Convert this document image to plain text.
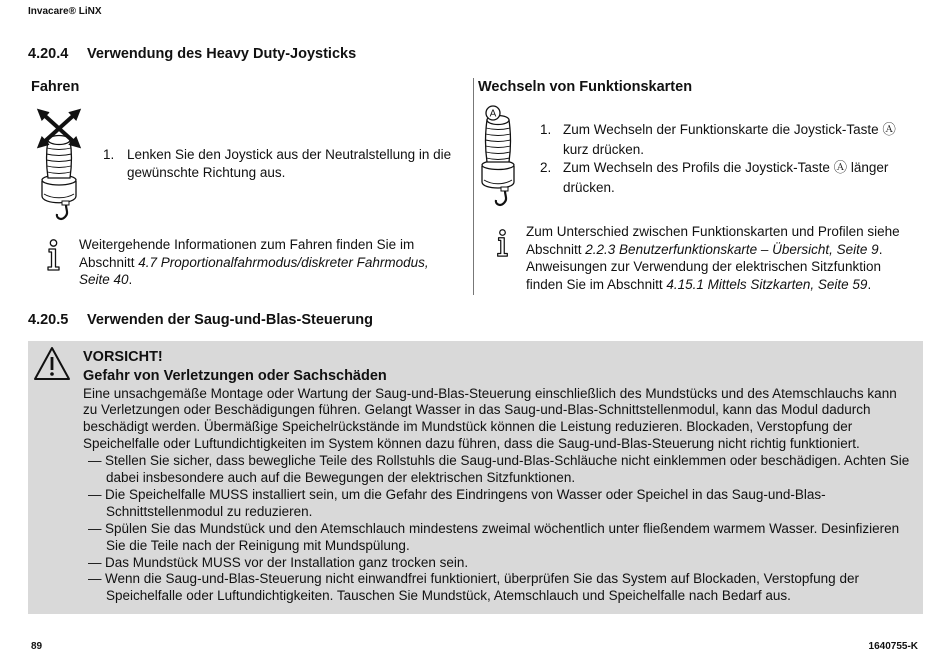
Invacare® LiNX
4.20.4 Verwendung des Heavy Duty-Joysticks
Fahren
1. Lenken Sie den Joystick aus der Neutralstellung in die
gewünschte Richtung aus.
Weitergehende Informationen zum Fahren finden Sie im
Abschnitt 4.7 Proportionalfahrmodus/diskreter Fahrmodus,
Seite 40.
Wechseln von Funktionskarten
A
1. Zum Wechseln der Funktionskarte die Joystick-Taste Ⓐ
kurz drücken.
2. Zum Wechseln des Profils die Joystick-Taste Ⓐ länger
drücken.
Zum Unterschied zwischen Funktionskarten und Profilen siehe
Abschnitt 2.2.3 Benutzerfunktionskarte – Übersicht, Seite 9.
Anweisungen zur Verwendung der elektrischen Sitzfunktion
finden Sie im Abschnitt 4.15.1 Mittels Sitzkarten, Seite 59.
4.20.5 Verwenden der Saug-und-Blas-Steuerung
VORSICHT!
Gefahr von Verletzungen oder Sachschäden
Eine unsachgemäße Montage oder Wartung der Saug-und-Blas-Steuerung einschließlich des Mundstücks und des Atemschlauchs kann
zu Verletzungen oder Beschädigungen führen. Gelangt Wasser in das Saug-und-Blas-Schnittstellenmodul, kann das Modul dadurch
beschädigt werden. Übermäßige Speichelrückstände im Mundstück können die Leistung reduzieren. Blockaden, Verstopfung der
Speichelfalle oder Luftundichtigkeiten im System können dazu führen, dass die Saug-und-Blas-Steuerung nicht richtig funktioniert.
— Stellen Sie sicher, dass bewegliche Teile des Rollstuhls die Saug-und-Blas-Schläuche nicht einklemmen oder beschädigen. Achten Sie
dabei insbesondere auch auf die Bewegungen der elektrischen Sitzfunktionen.
— Die Speichelfalle MUSS installiert sein, um die Gefahr des Eindringens von Wasser oder Speichel in das Saug-und-Blas-
Schnittstellenmodul zu reduzieren.
— Spülen Sie das Mundstück und den Atemschlauch mindestens zweimal wöchentlich unter fließendem warmem Wasser. Desinfizieren
Sie die Teile nach der Reinigung mit Mundspülung.
— Das Mundstück MUSS vor der Installation ganz trocken sein.
— Wenn die Saug-und-Blas-Steuerung nicht einwandfrei funktioniert, überprüfen Sie das System auf Blockaden, Verstopfung der
Speichelfalle oder Luftundichtigkeiten. Tauschen Sie Mundstück, Atemschlauch und Speichelfalle nach Bedarf aus.
89	1640755-K
